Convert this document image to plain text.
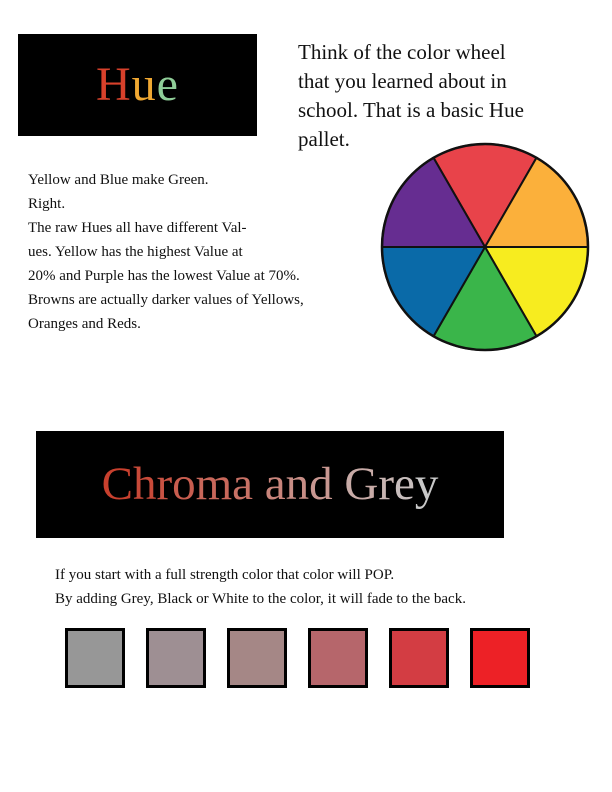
Hue
Think of the color wheel
that you learned about in
school. That is a basic Hue
pallet.
Yellow and Blue make Green.
Right.
The raw Hues all have different Val-
ues. Yellow has the highest Value at
20% and Purple has the lowest Value at 70%.
Browns are actually darker values of Yellows,
Oranges and Reds.
Chroma and Grey
If you start with a full strength color that color will POP.
By adding Grey, Black or White to the color, it will fade to the back.
